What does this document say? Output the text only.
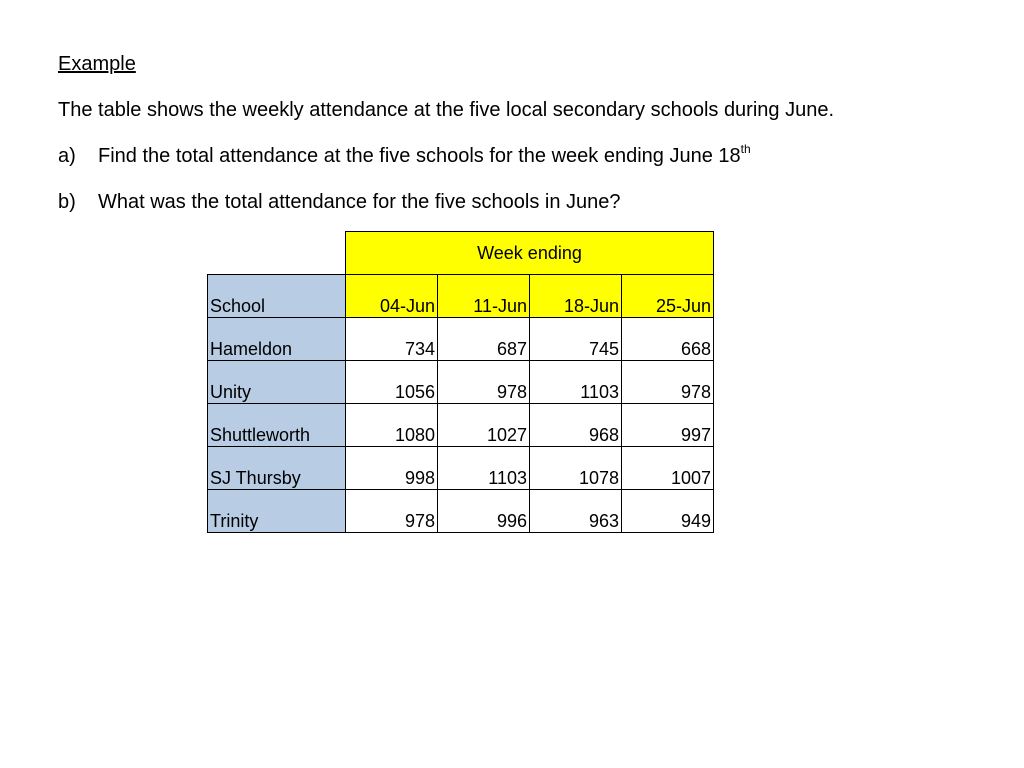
Example
The table shows the weekly attendance at the five local secondary schools during June.
a)	Find the total attendance at the five schools for the week ending June 18th
b)	What was the total attendance for the five schools in June?
	Week ending			
School	04-Jun	11-Jun	18-Jun	25-Jun
Hameldon	734	687	745	668
Unity	1056	978	1103	978
Shuttleworth	1080	1027	968	997
SJ Thursby	998	1103	1078	1007
Trinity	978	996	963	949
